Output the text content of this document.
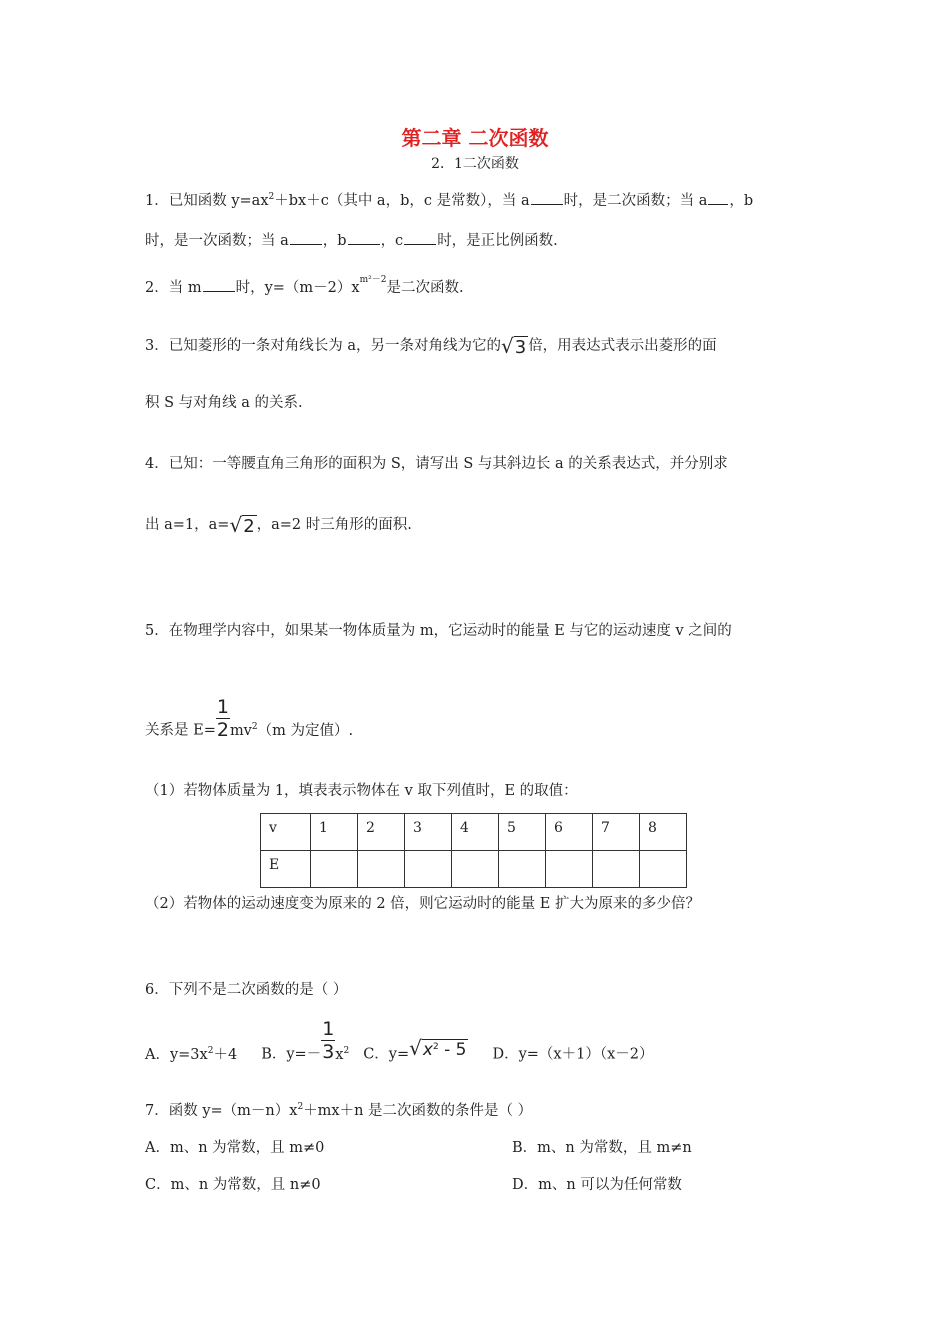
第二章 二次函数
2．1二次函数
1．已知函数 $y=ax^2+bx+c$（其中 a，b，c 是常数），当 a 时，是二次函数；当 a ，b
时，是一次函数；当 a ，b ，c 时，是正比例函数.
2．当 m 时，$y=(m-2)x^{m^2-2}$是二次函数.
3．已知菱形的一条对角线长为 a，另一条对角线为它的√3 倍，用表达式表示出菱形的面
积 S 与对角线 a 的关系.
4．已知：一等腰直角三角形的面积为 S，请写出 S 与其斜边长 a 的关系表达式，并分别求
出 a=1，a=√2 ，a=2 时三角形的面积.
5．在物理学内容中，如果某一物体质量为 m，它运动时的能量 E 与它的运动速度 v 之间的
关系是 $E= \frac{1}{2} mv^2(m$ 为定值）.
（1）若物体质量为 1，填表表示物体在 v 取下列值时，E 的取值：
v	1	2	3	4	5	6	7	8
E								
（2）若物体的运动速度变为原来的 2 倍，则它运动时的能量 E 扩大为原来的多少倍？
6．下列不是二次函数的是（ ）
A．$y=3x^2+4$ B．$y=- \frac{1}{3} x^2$ C．$y=√x^2 - 5$ D．y=（x＋1）（x－2）
7．函数 $y=(m-n)x^2+mx+n$ 是二次函数的条件是（ ）
A．m、n 为常数，且 m≠0	B．m、n 为常数，且 m≠n
C．m、n 为常数，且 n≠0	D．m、n 可以为任何常数
